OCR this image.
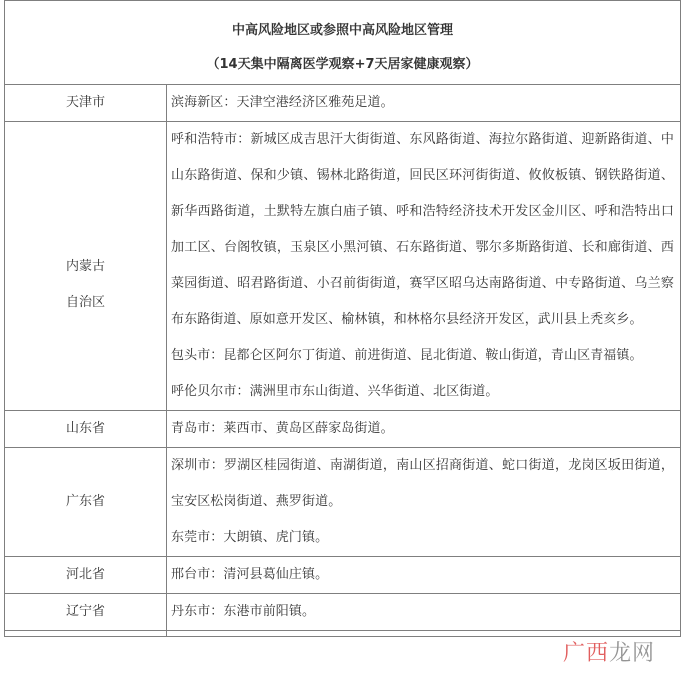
中高风险地区或参照中高风险地区管理
（14天集中隔离医学观察+7天居家健康观察）	

天津市	滨海新区：天津空港经济区雅苑足道。

内蒙古
自治区	呼和浩特市：新城区成吉思汗大街街道、东风路街道、海拉尔路街道、迎新路街道、中山东路街道、保和少镇、锡林北路街道，回民区环河街街道、攸攸板镇、钢铁路街道、新华西路街道，土默特左旗白庙子镇、呼和浩特经济技术开发区金川区、呼和浩特出口加工区、台阁牧镇，玉泉区小黑河镇、石东路街道、鄂尔多斯路街道、长和廊街道、西菜园街道、昭君路街道、小召前街街道，赛罕区昭乌达南路街道、中专路街道、乌兰察布东路街道、原如意开发区、榆林镇，和林格尔县经济开发区，武川县上秃亥乡。
包头市：昆都仑区阿尔丁街道、前进街道、昆北街道、鞍山街道，青山区青福镇。
呼伦贝尔市：满洲里市东山街道、兴华街道、北区街道。

山东省	青岛市：莱西市、黄岛区薛家岛街道。

广东省	深圳市：罗湖区桂园街道、南湖街道，南山区招商街道、蛇口街道，龙岗区坂田街道，宝安区松岗街道、燕罗街道。
东莞市：大朗镇、虎门镇。

河北省	邢台市：清河县葛仙庄镇。

辽宁省	丹东市：东港市前阳镇。

广西 龙网
